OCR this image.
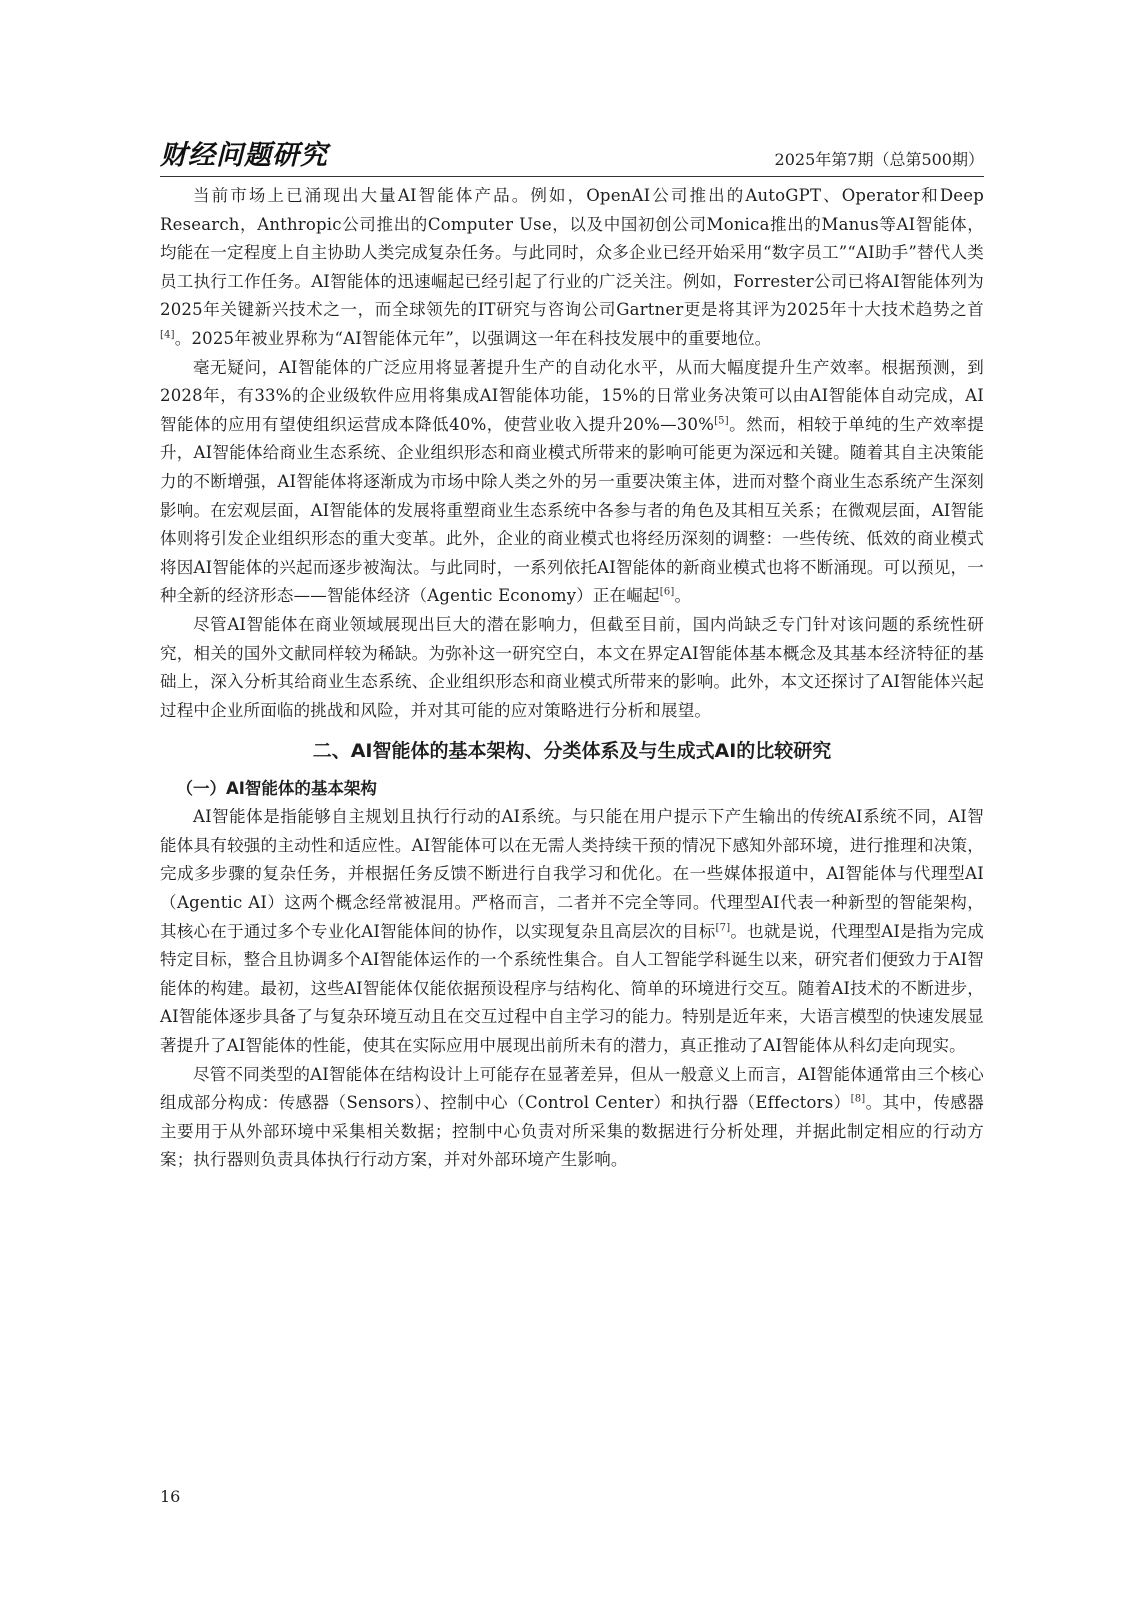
财经问题研究	2025年第7期（总第500期）

当前市场上已涌现出大量AI智能体产品。例如，OpenAI公司推出的AutoGPT、Operator和Deep Research，Anthropic公司推出的Computer Use，以及中国初创公司Monica推出的Manus等AI智能体，均能在一定程度上自主协助人类完成复杂任务。与此同时，众多企业已经开始采用“数字员工”“AI助手”替代人类员工执行工作任务。AI智能体的迅速崛起已经引起了行业的广泛关注。例如，Forrester公司已将AI智能体列为2025年关键新兴技术之一，而全球领先的IT研究与咨询公司Gartner更是将其评为2025年十大技术趋势之首[4]。2025年被业界称为“AI智能体元年”，以强调这一年在科技发展中的重要地位。

毫无疑问，AI智能体的广泛应用将显著提升生产的自动化水平，从而大幅度提升生产效率。根据预测，到2028年，有33%的企业级软件应用将集成AI智能体功能，15%的日常业务决策可以由AI智能体自动完成，AI智能体的应用有望使组织运营成本降低40%，使营业收入提升20%—30%[5]。然而，相较于单纯的生产效率提升，AI智能体给商业生态系统、企业组织形态和商业模式所带来的影响可能更为深远和关键。随着其自主决策能力的不断增强，AI智能体将逐渐成为市场中除人类之外的另一重要决策主体，进而对整个商业生态系统产生深刻影响。在宏观层面，AI智能体的发展将重塑商业生态系统中各参与者的角色及其相互关系；在微观层面，AI智能体则将引发企业组织形态的重大变革。此外，企业的商业模式也将经历深刻的调整：一些传统、低效的商业模式将因AI智能体的兴起而逐步被淘汰。与此同时，一系列依托AI智能体的新商业模式也将不断涌现。可以预见，一种全新的经济形态——智能体经济（Agentic Economy）正在崛起[6]。

尽管AI智能体在商业领域展现出巨大的潜在影响力，但截至目前，国内尚缺乏专门针对该问题的系统性研究，相关的国外文献同样较为稀缺。为弥补这一研究空白，本文在界定AI智能体基本概念及其基本经济特征的基础上，深入分析其给商业生态系统、企业组织形态和商业模式所带来的影响。此外，本文还探讨了AI智能体兴起过程中企业所面临的挑战和风险，并对其可能的应对策略进行分析和展望。

二、AI智能体的基本架构、分类体系及与生成式AI的比较研究
（一）AI智能体的基本架构

AI智能体是指能够自主规划且执行行动的AI系统。与只能在用户提示下产生输出的传统AI系统不同，AI智能体具有较强的主动性和适应性。AI智能体可以在无需人类持续干预的情况下感知外部环境，进行推理和决策，完成多步骤的复杂任务，并根据任务反馈不断进行自我学习和优化。在一些媒体报道中，AI智能体与代理型AI（Agentic AI）这两个概念经常被混用。严格而言，二者并不完全等同。代理型AI代表一种新型的智能架构，其核心在于通过多个专业化AI智能体间的协作，以实现复杂且高层次的目标[7]。也就是说，代理型AI是指为完成特定目标，整合且协调多个AI智能体运作的一个系统性集合。自人工智能学科诞生以来，研究者们便致力于AI智能体的构建。最初，这些AI智能体仅能依据预设程序与结构化、简单的环境进行交互。随着AI技术的不断进步，AI智能体逐步具备了与复杂环境互动且在交互过程中自主学习的能力。特别是近年来，大语言模型的快速发展显著提升了AI智能体的性能，使其在实际应用中展现出前所未有的潜力，真正推动了AI智能体从科幻走向现实。

尽管不同类型的AI智能体在结构设计上可能存在显著差异，但从一般意义上而言，AI智能体通常由三个核心组成部分构成：传感器（Sensors）、控制中心（Control Center）和执行器（Effectors）[8]。其中，传感器主要用于从外部环境中采集相关数据；控制中心负责对所采集的数据进行分析处理，并据此制定相应的行动方案；执行器则负责具体执行行动方案，并对外部环境产生影响。

16
